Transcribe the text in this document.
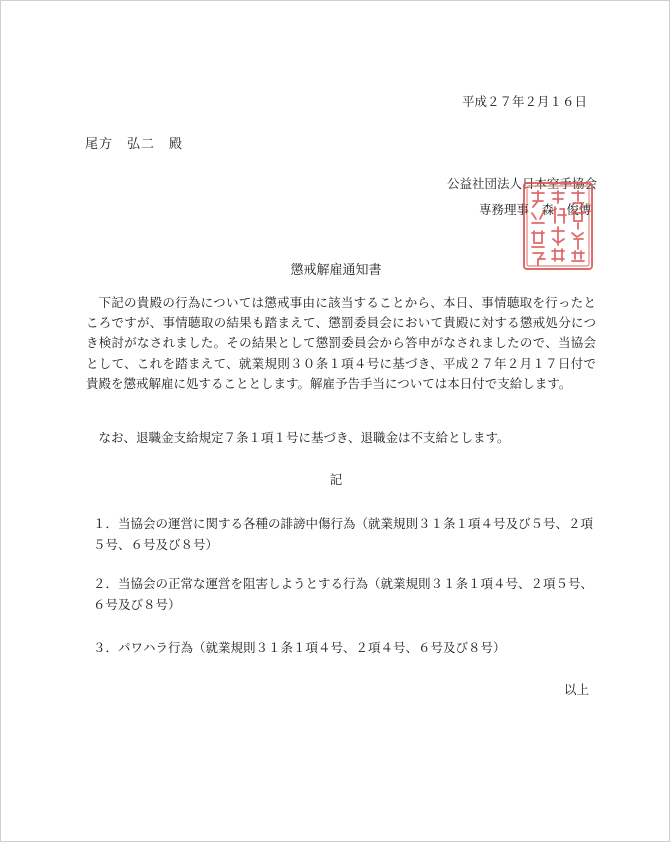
平成２７年２月１６日
尾方　弘二　殿
公益社団法人日本空手協会
専務理事　森　俊博
懲戒解雇通知書

下記の貴殿の行為については懲戒事由に該当することから、本日、事情聴取を行ったところですが、事情聴取の結果も踏まえて、懲罰委員会において貴殿に対する懲戒処分につき検討がなされました。その結果として懲罰委員会から答申がなされましたので、当協会として、これを踏まえて、就業規則３０条１項４号に基づき、平成２７年２月１７日付で貴殿を懲戒解雇に処することとします。解雇予告手当については本日付で支給します。

なお、退職金支給規定７条１項１号に基づき、退職金は不支給とします。

記

１．当協会の運営に関する各種の誹謗中傷行為（就業規則３１条１項４号及び５号、２項５号、６号及び８号）

２．当協会の正常な運営を阻害しようとする行為（就業規則３１条１項４号、２項５号、６号及び８号）

３．パワハラ行為（就業規則３１条１項４号、２項４号、６号及び８号）

以上
